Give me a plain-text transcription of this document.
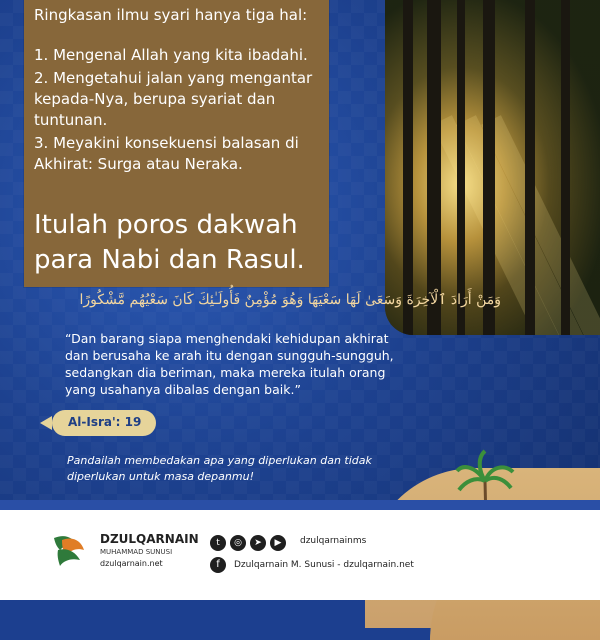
Ringkasan ilmu syari hanya tiga hal:
1. Mengenal Allah yang kita ibadahi.
2. Mengetahui jalan yang mengantar kepada-Nya, berupa syariat dan tuntunan.
3. Meyakini konsekuensi balasan di Akhirat: Surga atau Neraka.
Itulah poros dakwah para Nabi dan Rasul.
وَمَنْ أَرَادَ ٱلْآخِرَةَ وَسَعَىٰ لَهَا سَعْيَهَا وَهُوَ مُؤْمِنٌ فَأُولَـٰئِكَ كَانَ سَعْيُهُم مَّشْكُورًا
“Dan barang siapa menghendaki kehidupan akhirat dan berusaha ke arah itu dengan sungguh-sungguh, sedangkan dia beriman, maka mereka itulah orang yang usahanya dibalas dengan baik.”
Al-Isra': 19
Pandailah membedakan apa yang diperlukan dan tidak diperlukan untuk masa depanmu!
DZULQARNAIN
MUHAMMAD SUNUSI
dzulqarnain.net
t	◎	➤	▶	dzulqarnainms
f	Dzulqarnain M. Sunusi - dzulqarnain.net
